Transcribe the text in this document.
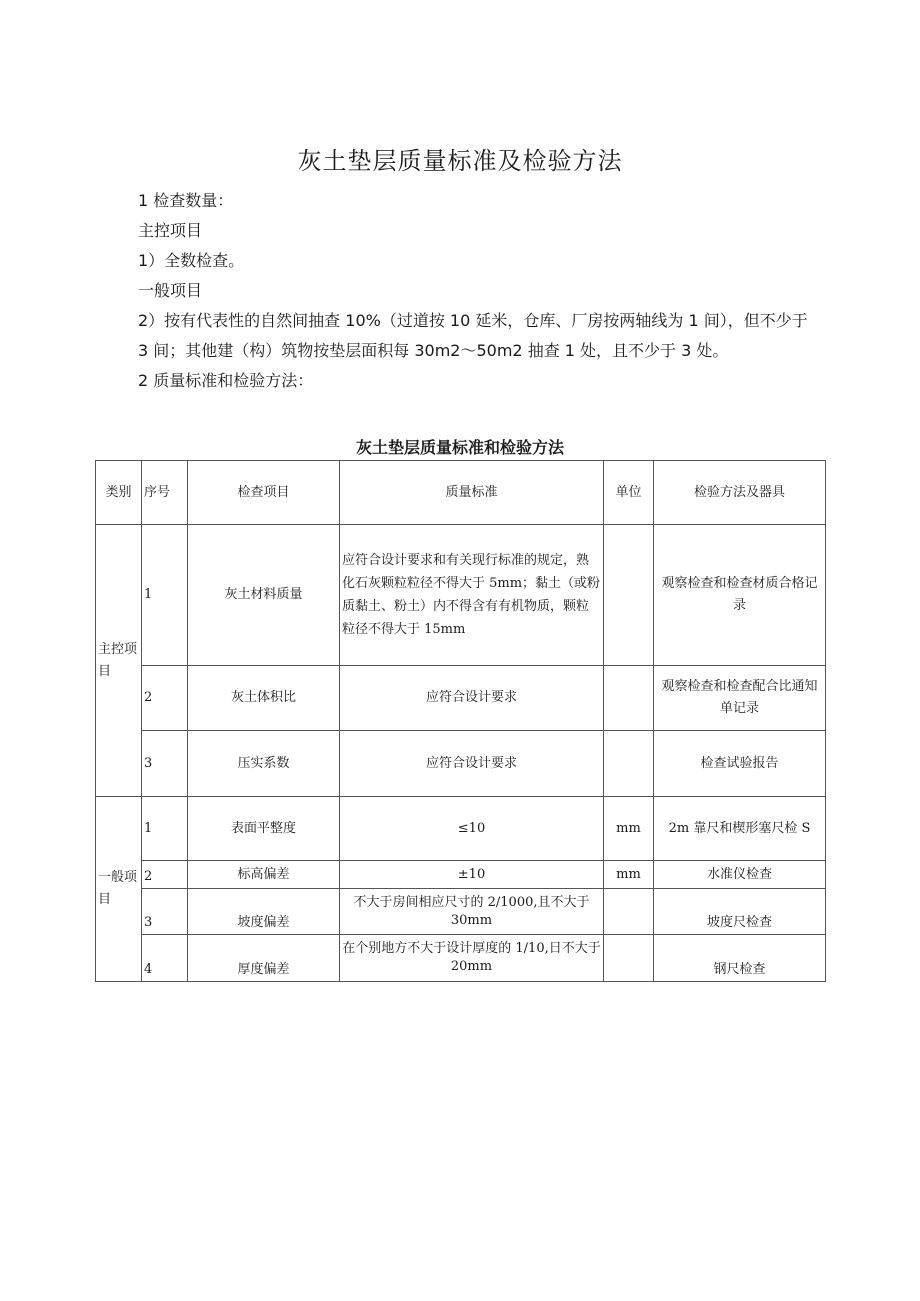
灰土垫层质量标准及检验方法

1 检查数量：

主控项目

1）全数检查。

一般项目

2）按有代表性的自然间抽查 10%（过道按 10 延米，仓库、厂房按两轴线为 1 间），但不少于 3 间；其他建（构）筑物按垫层面积每 30m2～50m2 抽查 1 处，且不少于 3 处。

2 质量标准和检验方法：

灰土垫层质量标准和检验方法
类别	序号	检查项目	质量标准	单位	检验方法及器具
主控项目	1	灰土材料质量	应符合设计要求和有关现行标准的规定，熟化石灰颗粒粒径不得大于 5mm；黏土（或粉质黏土、粉土）内不得含有有机物质，颗粒粒径不得大于 15mm		观察检查和检查材质合格记录
	2	灰土体积比	应符合设计要求		观察检查和检查配合比通知单记录
	3	压实系数	应符合设计要求		检查试验报告
一般项目	1	表面平整度	≤10	mm	2m 靠尺和楔形塞尺检 S
	2	标高偏差	±10	mm	水准仪检查
	3	坡度偏差	不大于房间相应尺寸的 2/1000,且不大于 30mm		坡度尺检查
	4	厚度偏差	在个别地方不大于设计厚度的 1/10,日不大于 20mm		钢尺检查
